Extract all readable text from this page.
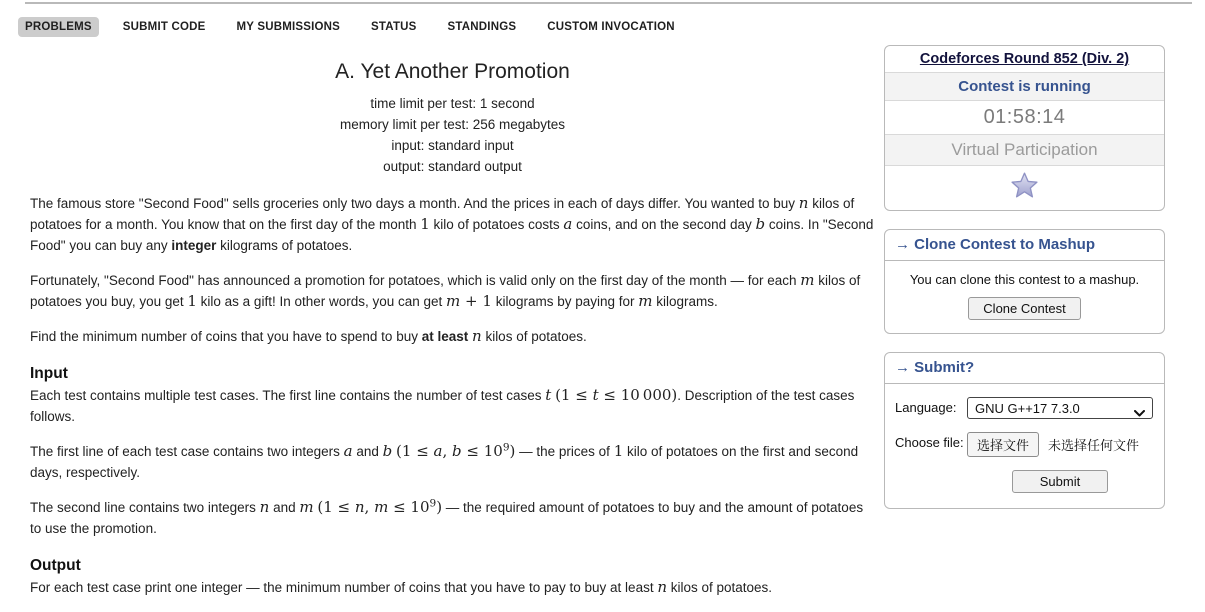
PROBLEMS	SUBMIT CODE	MY SUBMISSIONS	STATUS	STANDINGS	CUSTOM INVOCATION
A. Yet Another Promotion
time limit per test: 1 second
memory limit per test: 256 megabytes
input: standard input
output: standard output

The famous store "Second Food" sells groceries only two days a month. And the prices in each of days differ. You wanted to buy n kilos of potatoes for a month. You know that on the first day of the month 1 kilo of potatoes costs a coins, and on the second day b coins. In "Second Food" you can buy any integer kilograms of potatoes.

Fortunately, "Second Food" has announced a promotion for potatoes, which is valid only on the first day of the month — for each m kilos of potatoes you buy, you get 1 kilo as a gift! In other words, you can get m + 1 kilograms by paying for m kilograms.

Find the minimum number of coins that you have to spend to buy at least n kilos of potatoes.

Input

Each test contains multiple test cases. The first line contains the number of test cases t (1 ≤ t ≤ 10 000). Description of the test cases follows.

The first line of each test case contains two integers a and b (1 ≤ a, $b \le 10^9$) — the prices of 1 kilo of potatoes on the first and second days, respectively.

The second line contains two integers n and m (1 ≤ n, $m \le 10^9$) — the required amount of potatoes to buy and the amount of potatoes to use the promotion.

Output

For each test case print one integer — the minimum number of coins that you have to pay to buy at least n kilos of potatoes.

Codeforces Round 852 (Div. 2)
Contest is running
01:58:14
Virtual Participation
→ Clone Contest to Mashup
You can clone this contest to a mashup.
Clone Contest
→ Submit?
Language:	GNU G++17 7.3.0
Choose file:	选择文件	未选择任何文件
Submit
